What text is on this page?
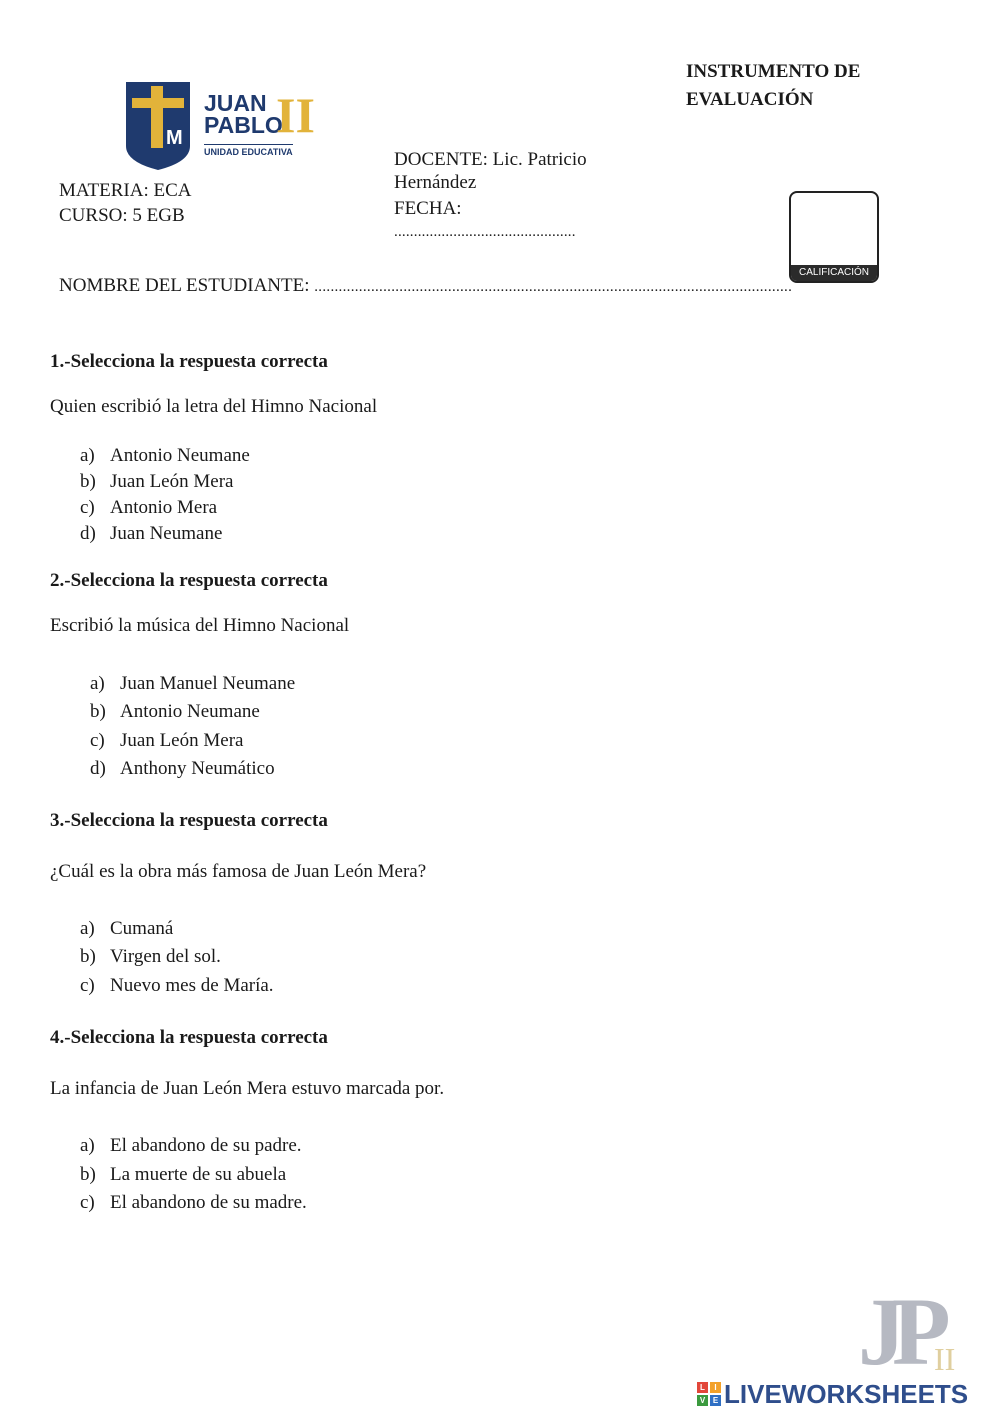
M
JUAN
PABLO
II
UNIDAD EDUCATIVA
INSTRUMENTO DE
EVALUACIÓN
MATERIA: ECA
CURSO: 5 EGB
DOCENTE: Lic. Patricio
Hernández
FECHA:
..............................................
CALIFICACIÓN
NOMBRE DEL ESTUDIANTE: ......................................................................................................................
1.-Selecciona la respuesta correcta
Quien escribió la letra del Himno Nacional
a) Antonio Neumane
b) Juan León Mera
c) Antonio Mera
d) Juan Neumane
2.-Selecciona la respuesta correcta
Escribió la música del Himno Nacional
a) Juan Manuel Neumane
b) Antonio Neumane
c) Juan León Mera
d) Anthony Neumático
3.-Selecciona la respuesta correcta
¿Cuál es la obra más famosa de Juan León Mera?
a) Cumaná
b) Virgen del sol.
c) Nuevo mes de María.
4.-Selecciona la respuesta correcta
La infancia de Juan León Mera estuvo marcada por.
a) El abandono de su padre.
b) La muerte de su abuela
c) El abandono de su madre.
JP
II
L	I
V E LIVEWORKSHEETS
